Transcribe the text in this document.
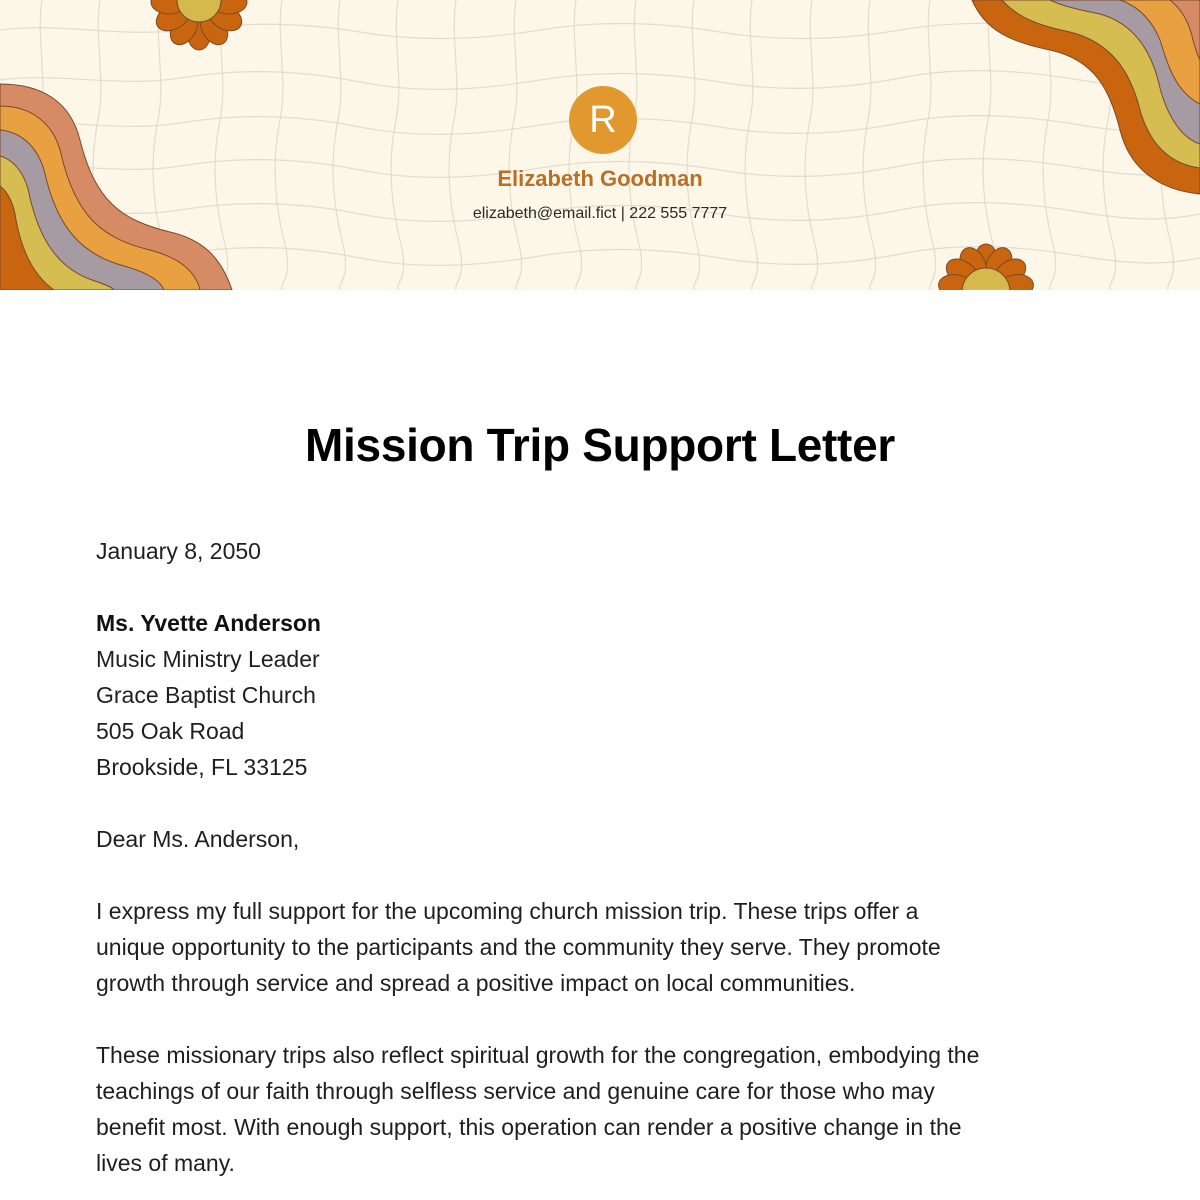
R
Elizabeth Goodman
elizabeth@email.fict | 222 555 7777
Mission Trip Support Letter
January 8, 2050
Ms. Yvette Anderson
Music Ministry Leader
Grace Baptist Church
505 Oak Road
Brookside, FL 33125
Dear Ms. Anderson,
I express my full support for the upcoming church mission trip. These trips offer a
unique opportunity to the participants and the community they serve. They promote
growth through service and spread a positive impact on local communities.
These missionary trips also reflect spiritual growth for the congregation, embodying the
teachings of our faith through selfless service and genuine care for those who may
benefit most. With enough support, this operation can render a positive change in the
lives of many.
